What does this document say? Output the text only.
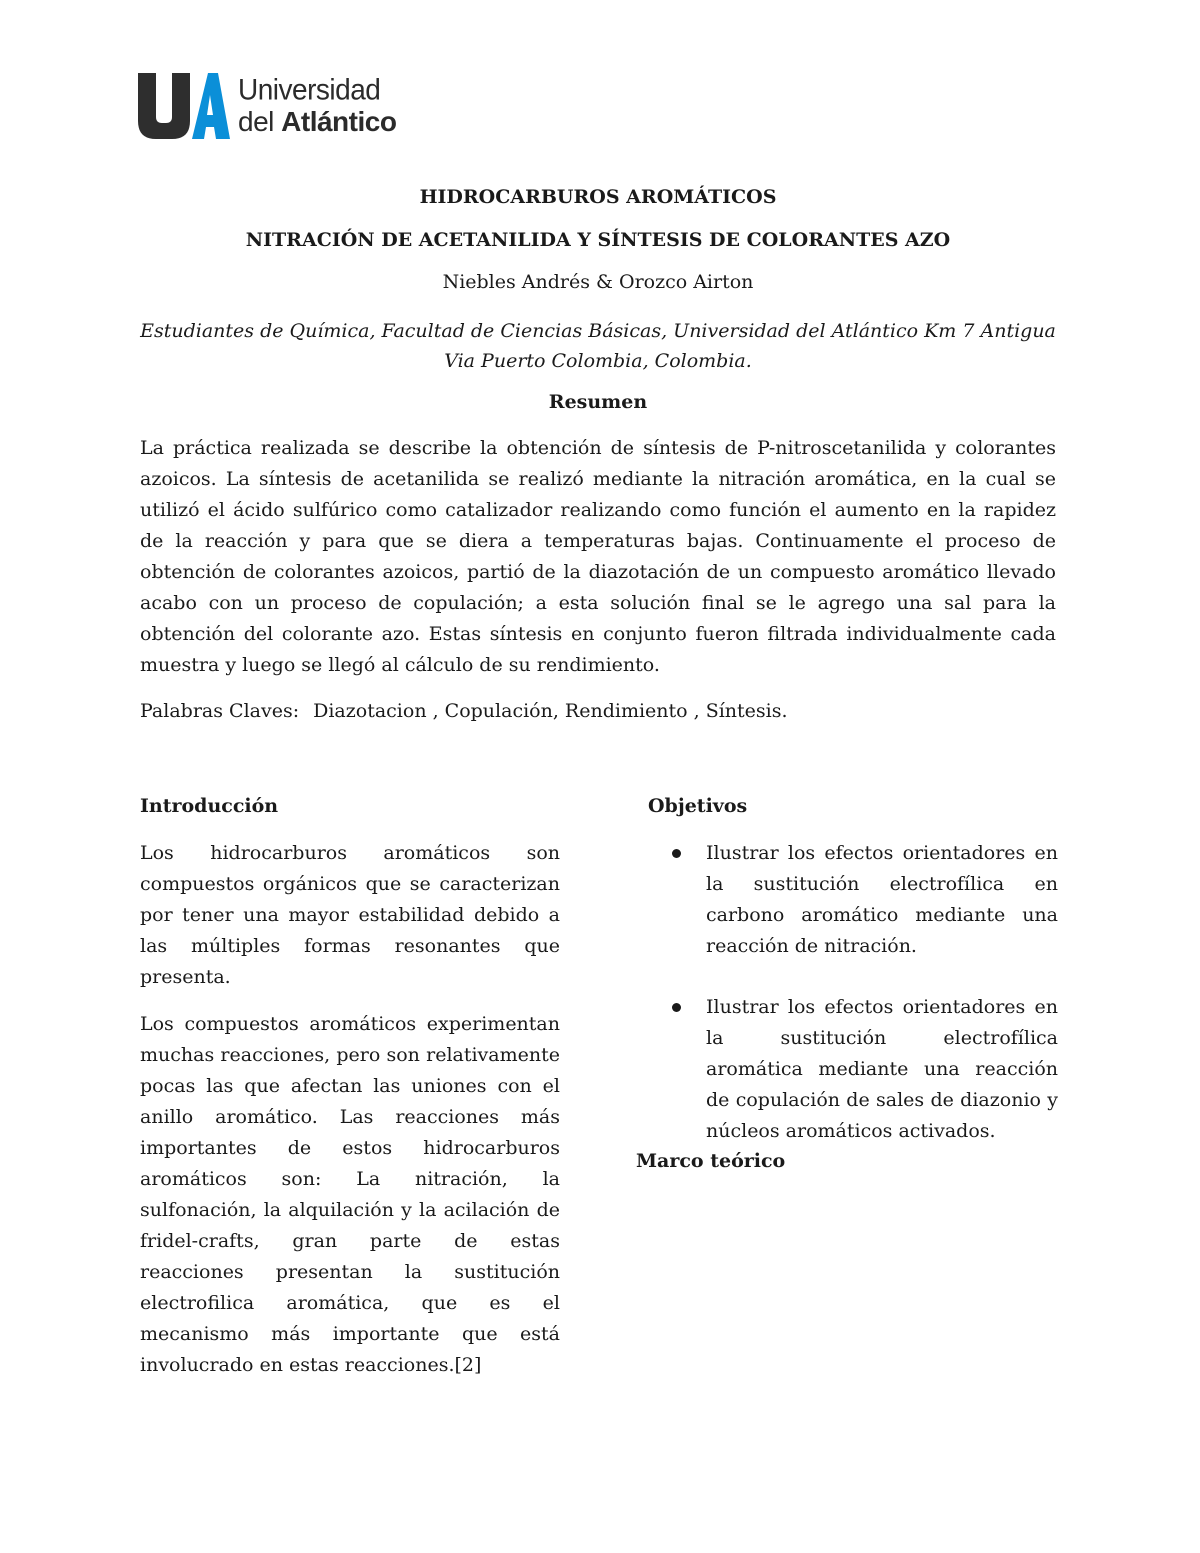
Universidad
del Atlántico
HIDROCARBUROS AROMÁTICOS
NITRACIÓN DE ACETANILIDA Y SÍNTESIS DE COLORANTES AZO
Niebles Andrés & Orozco Airton
Estudiantes de Química, Facultad de Ciencias Básicas, Universidad del Atlántico Km 7 Antigua
Via Puerto Colombia, Colombia.
Resumen

La práctica realizada se describe la obtención de síntesis de P-nitroscetanilida y colorantes azoicos. La síntesis de acetanilida se realizó mediante la nitración aromática, en la cual se utilizó el ácido sulfúrico como catalizador realizando como función el aumento en la rapidez de la reacción y para que se diera a temperaturas bajas. Continuamente el proceso de obtención de colorantes azoicos, partió de la diazotación de un compuesto aromático llevado acabo con un proceso de copulación; a esta solución final se le agrego una sal para la obtención del colorante azo. Estas síntesis en conjunto fueron filtrada individualmente cada muestra y luego se llegó al cálculo de su rendimiento.

Palabras Claves: Diazotacion , Copulación, Rendimiento , Síntesis.
Introducción

Los hidrocarburos aromáticos son compuestos orgánicos que se caracterizan por tener una mayor estabilidad debido a las múltiples formas resonantes que presenta.

Los compuestos aromáticos experimentan muchas reacciones, pero son relativamente pocas las que afectan las uniones con el anillo aromático. Las reacciones más importantes de estos hidrocarburos aromáticos son: La nitración, la sulfonación, la alquilación y la acilación de fridel-crafts, gran parte de estas reacciones presentan la sustitución electrofilica aromática, que es el mecanismo más importante que está involucrado en estas reacciones.[2]

Objetivos
Ilustrar los efectos orientadores en la sustitución electrofílica en carbono aromático mediante una reacción de nitración.
Ilustrar los efectos orientadores en la sustitución electrofílica aromática mediante una reacción de copulación de sales de diazonio y núcleos aromáticos activados.
Marco teórico
